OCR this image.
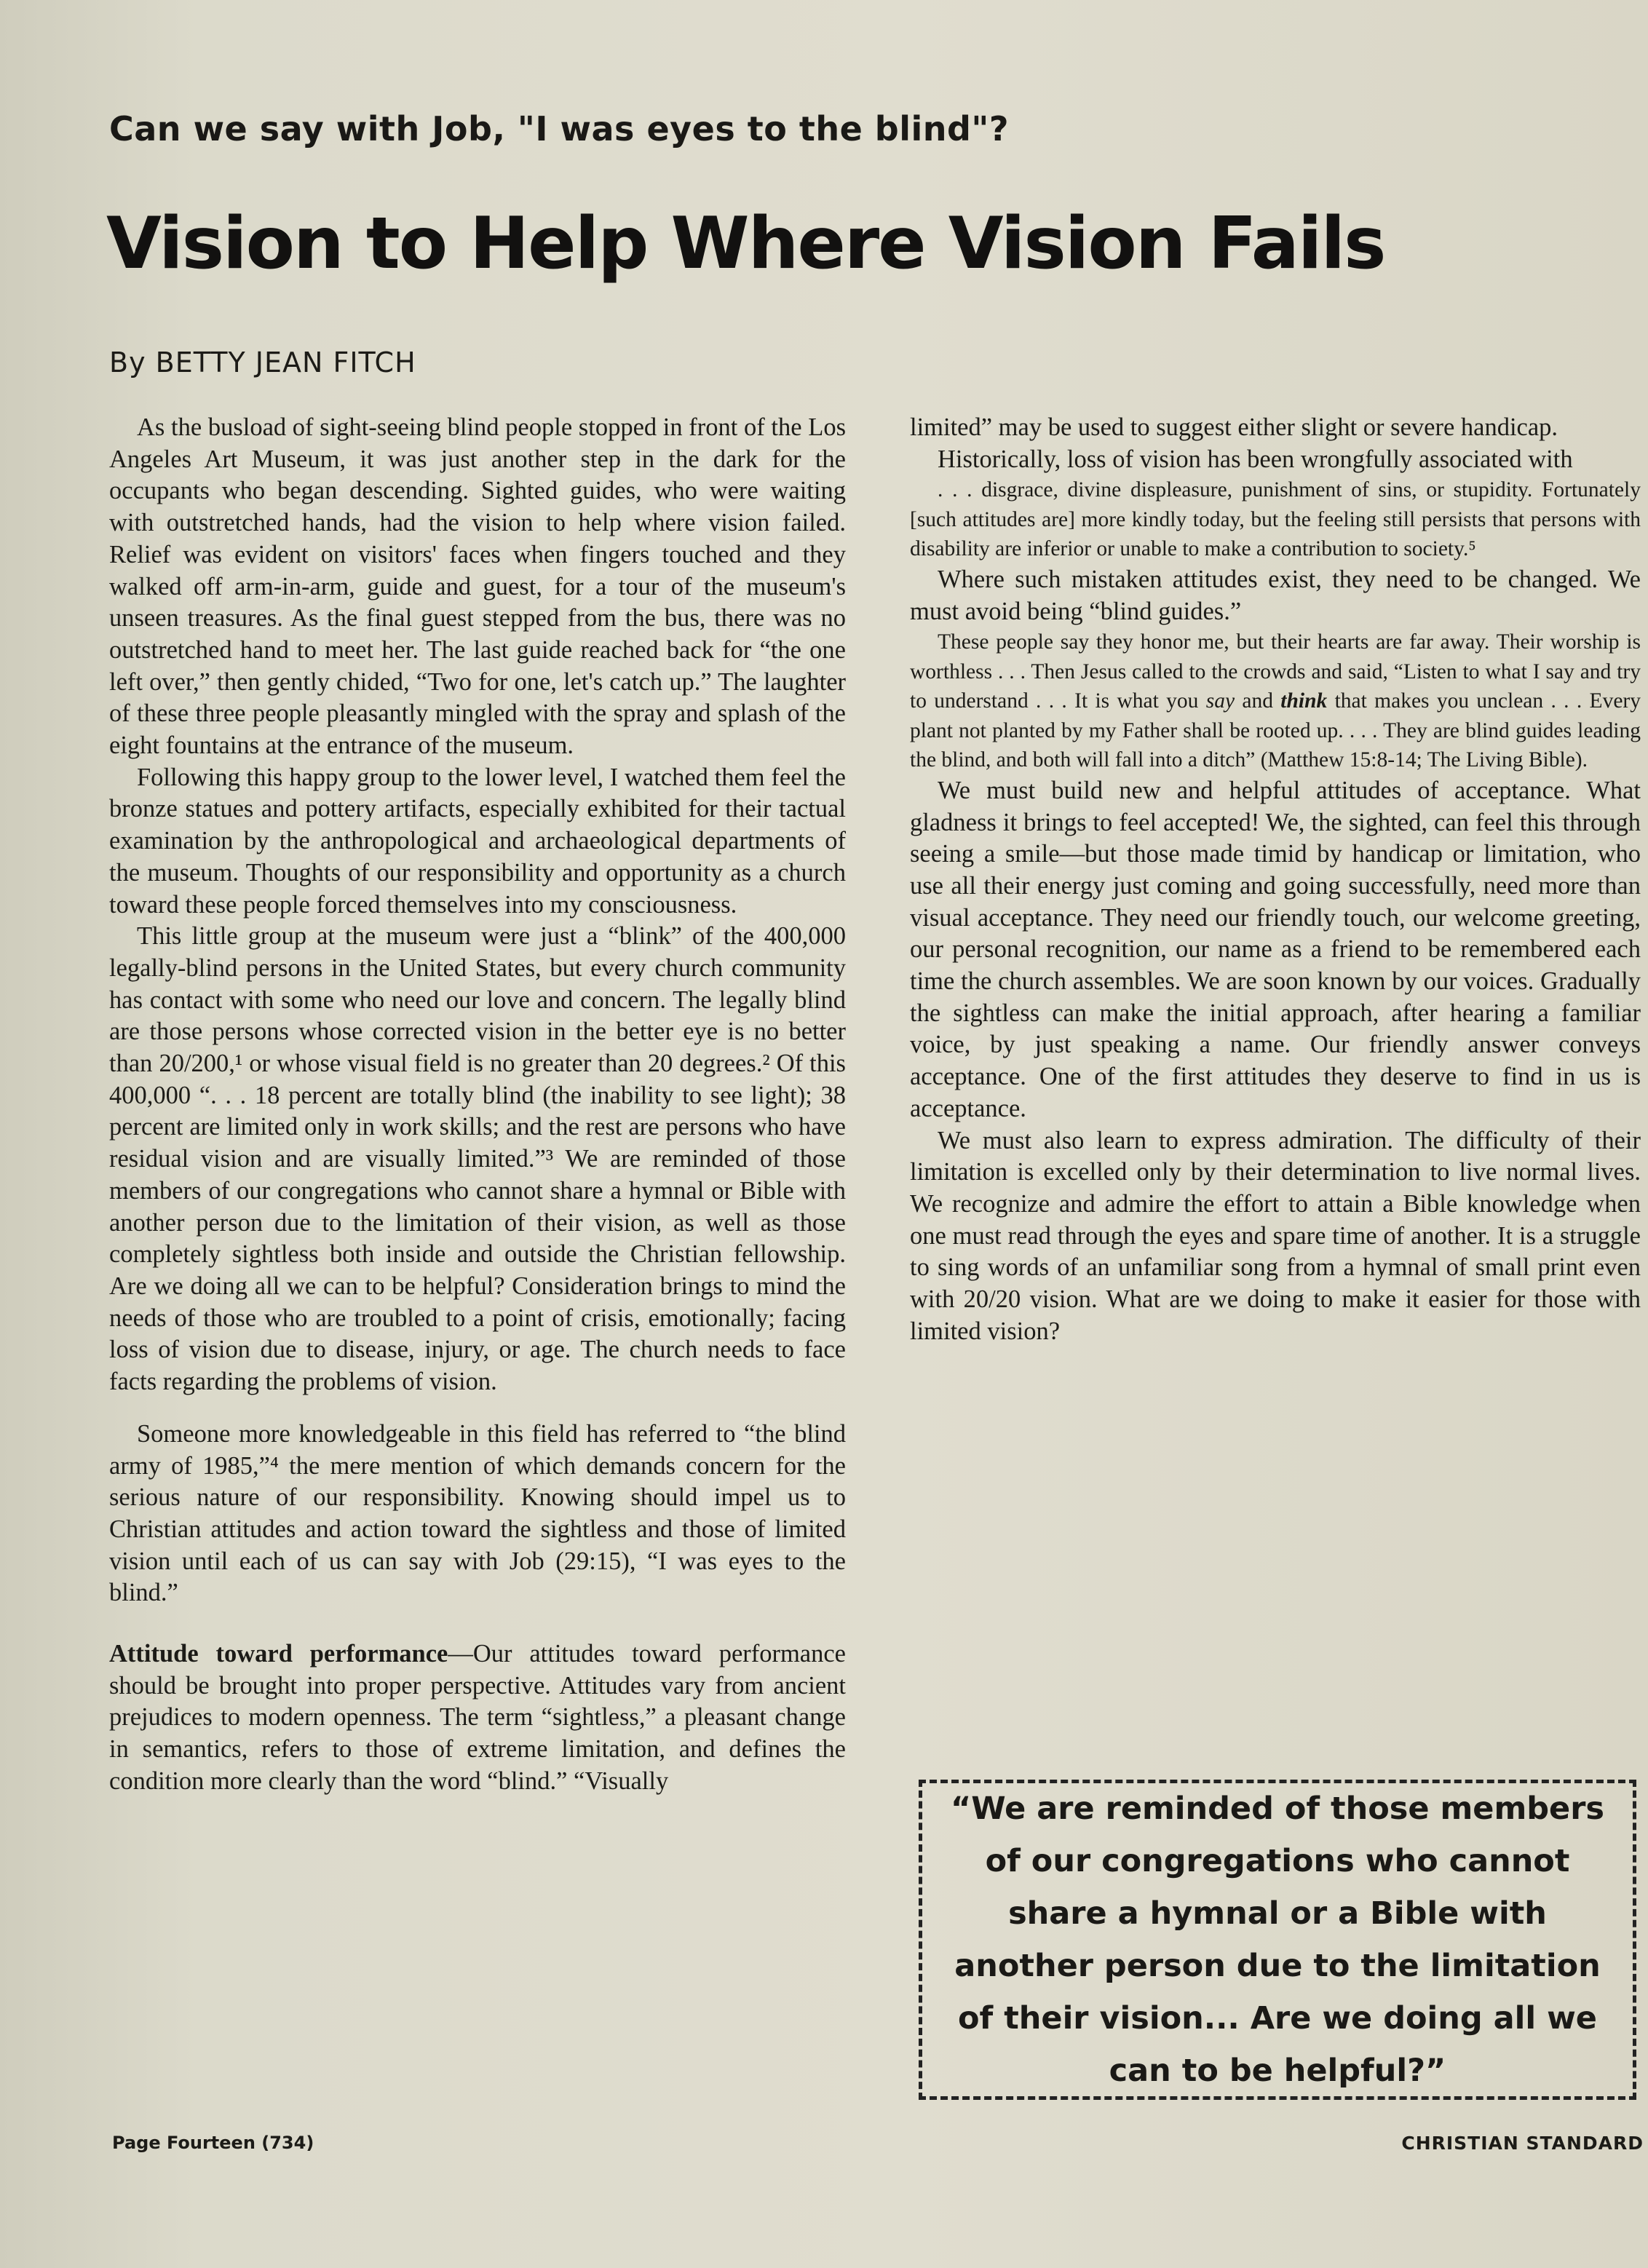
Can we say with Job, "I was eyes to the blind"?
Vision to Help Where Vision Fails
By BETTY JEAN FITCH

As the busload of sight-seeing blind people stopped in front of the Los Angeles Art Museum, it was just another step in the dark for the occupants who began descending. Sighted guides, who were waiting with outstretched hands, had the vision to help where vision failed. Relief was evident on visitors' faces when fingers touched and they walked off arm-in-arm, guide and guest, for a tour of the museum's unseen treasures. As the final guest stepped from the bus, there was no outstretched hand to meet her. The last guide reached back for “the one left over,” then gently chided, “Two for one, let's catch up.” The laughter of these three people pleasantly mingled with the spray and splash of the eight fountains at the entrance of the museum.

Following this happy group to the lower level, I watched them feel the bronze statues and pottery artifacts, especially exhibited for their tactual examination by the anthropological and archaeological departments of the museum. Thoughts of our responsibility and opportunity as a church toward these people forced themselves into my consciousness.

This little group at the museum were just a “blink” of the 400,000 legally-blind persons in the United States, but every church community has contact with some who need our love and concern. The legally blind are those persons whose corrected vision in the better eye is no better than 20/200,¹ or whose visual field is no greater than 20 degrees.² Of this 400,000 “. . . 18 percent are totally blind (the inability to see light); 38 percent are limited only in work skills; and the rest are persons who have residual vision and are visually limited.”³ We are reminded of those members of our congregations who cannot share a hymnal or Bible with another person due to the limitation of their vision, as well as those completely sightless both inside and outside the Christian fellowship. Are we doing all we can to be helpful? Consideration brings to mind the needs of those who are troubled to a point of crisis, emotionally; facing loss of vision due to disease, injury, or age. The church needs to face facts regarding the problems of vision.

Someone more knowledgeable in this field has referred to “the blind army of 1985,”⁴ the mere mention of which demands concern for the serious nature of our responsibility. Knowing should impel us to Christian attitudes and action toward the sightless and those of limited vision until each of us can say with Job (29:15), “I was eyes to the blind.”

Attitude toward performance—Our attitudes toward performance should be brought into proper perspective. Attitudes vary from ancient prejudices to modern openness. The term “sightless,” a pleasant change in semantics, refers to those of extreme limitation, and defines the condition more clearly than the word “blind.” “Visually

limited” may be used to suggest either slight or severe handicap.

Historically, loss of vision has been wrongfully associated with

. . . disgrace, divine displeasure, punishment of sins, or stupidity. Fortunately [such attitudes are] more kindly today, but the feeling still persists that persons with disability are inferior or unable to make a contribution to society.⁵

Where such mistaken attitudes exist, they need to be changed. We must avoid being “blind guides.”

These people say they honor me, but their hearts are far away. Their worship is worthless . . . Then Jesus called to the crowds and said, “Listen to what I say and try to understand . . . It is what you say and think that makes you unclean . . . Every plant not planted by my Father shall be rooted up. . . . They are blind guides leading the blind, and both will fall into a ditch” (Matthew 15:8-14; The Living Bible).

We must build new and helpful attitudes of acceptance. What gladness it brings to feel accepted! We, the sighted, can feel this through seeing a smile—but those made timid by handicap or limitation, who use all their energy just coming and going successfully, need more than visual acceptance. They need our friendly touch, our welcome greeting, our personal recognition, our name as a friend to be remembered each time the church assembles. We are soon known by our voices. Gradually the sightless can make the initial approach, after hearing a familiar voice, by just speaking a name. Our friendly answer conveys acceptance. One of the first attitudes they deserve to find in us is acceptance.

We must also learn to express admiration. The difficulty of their limitation is excelled only by their determination to live normal lives. We recognize and admire the effort to attain a Bible knowledge when one must read through the eyes and spare time of another. It is a struggle to sing words of an unfamiliar song from a hymnal of small print even with 20/20 vision. What are we doing to make it easier for those with limited vision?

“We are reminded of those members of our congregations who cannot share a hymnal or a Bible with another person due to the limitation of their vision... Are we doing all we can to be helpful?”
Page Fourteen (734)	CHRISTIAN STANDARD
